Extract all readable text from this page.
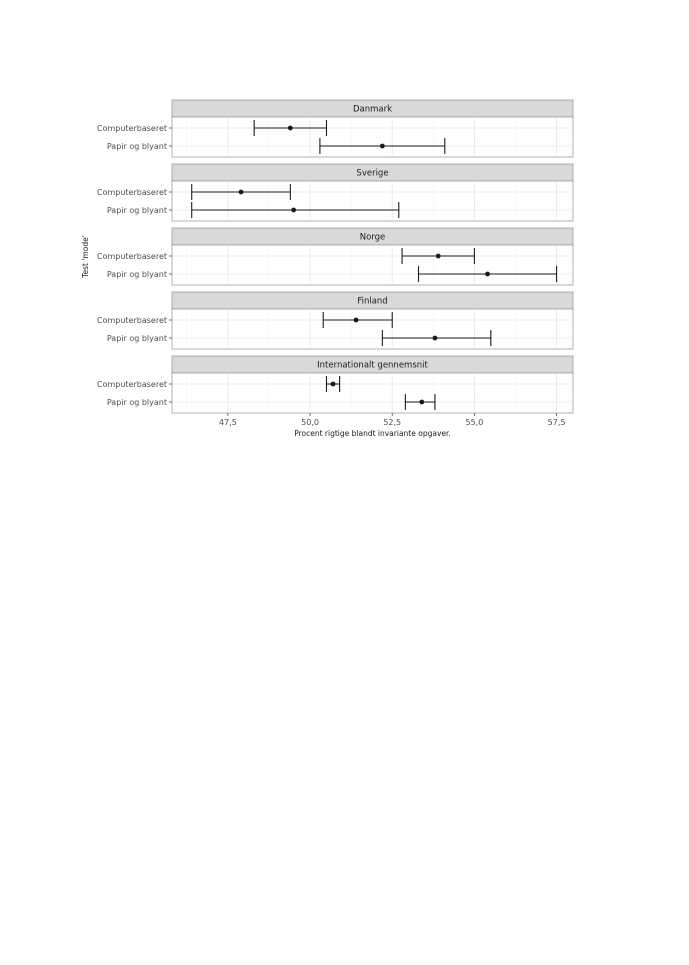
Danmark
Computerbaseret
Papir og blyant
Sverige
Computerbaseret
Papir og blyant
Norge
Computerbaseret
Papir og blyant
Finland
Computerbaseret
Papir og blyant
Internationalt gennemsnit
Computerbaseret
Papir og blyant
47,5	50,0	52,5	55,0	57,5
Procent rigtige blandt invariante opgaver.
Test 'mode'
